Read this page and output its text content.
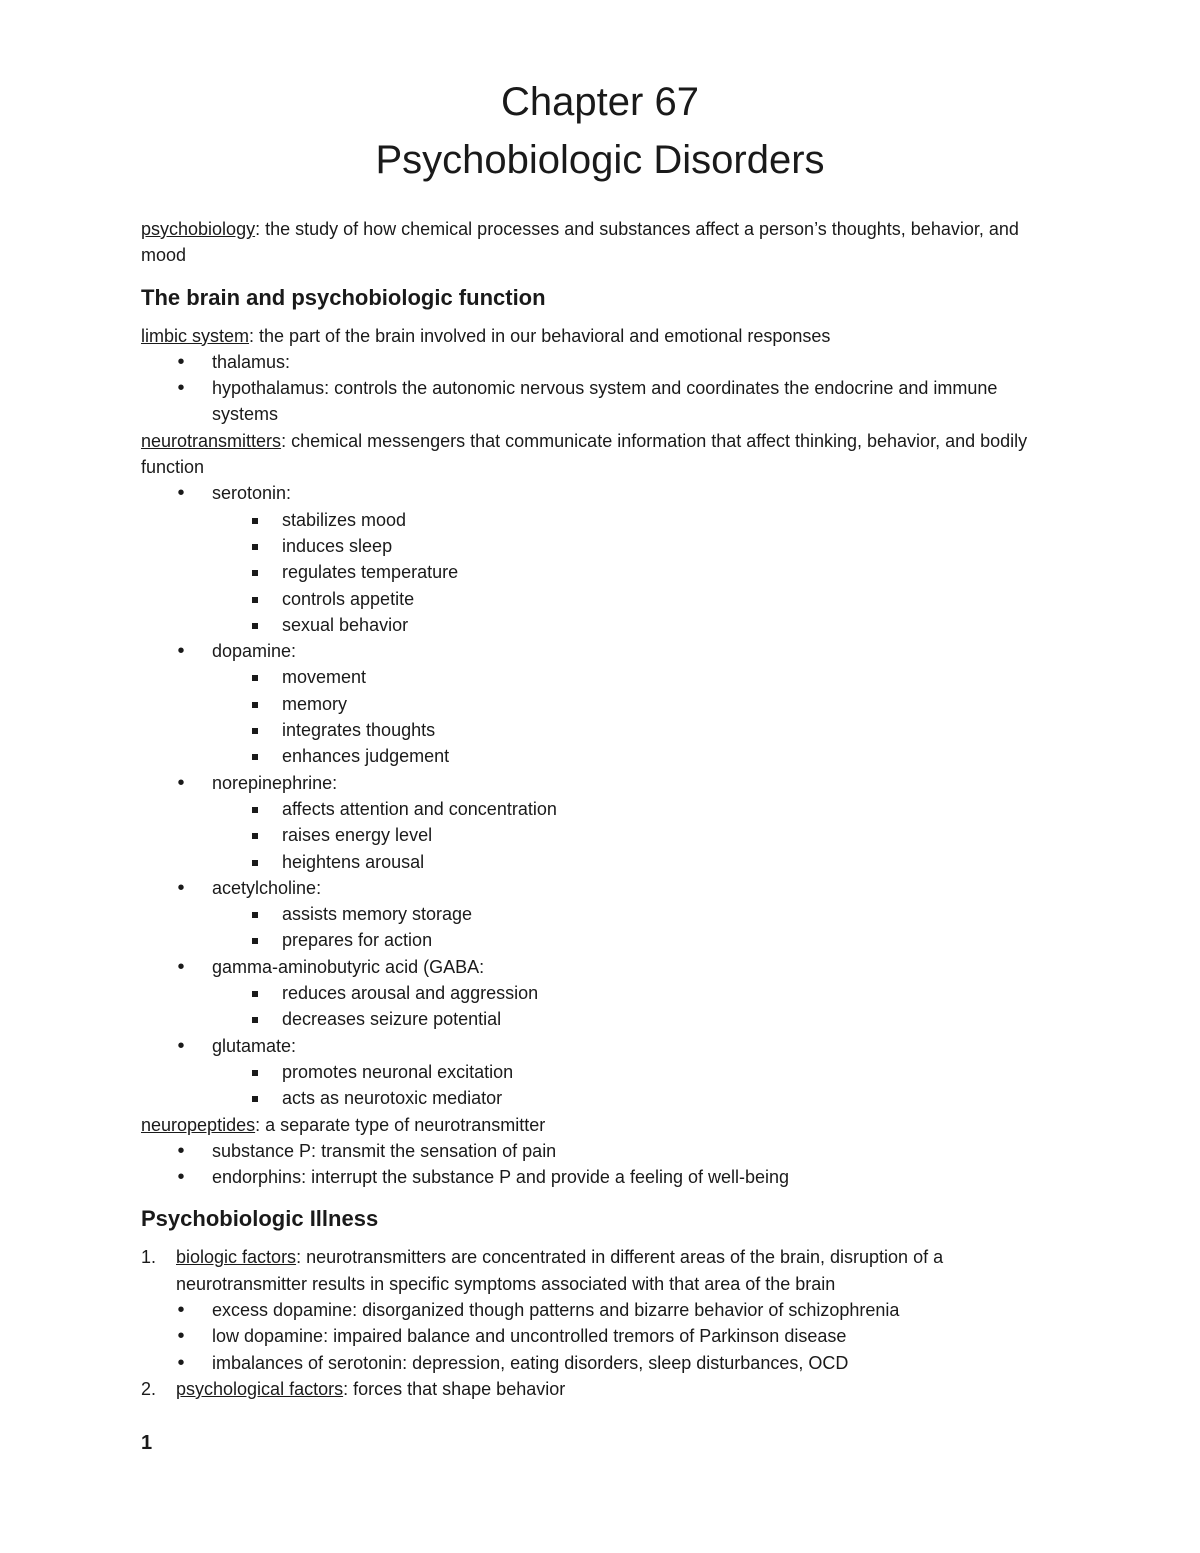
Chapter 67
Psychobiologic Disorders

psychobiology: the study of how chemical processes and substances affect a person’s thoughts, behavior, and mood

The brain and psychobiologic function

limbic system: the part of the brain involved in our behavioral and emotional responses

•
thalamus:
•
hypothalamus: controls the autonomic nervous system and coordinates the endocrine and immune systems

neurotransmitters: chemical messengers that communicate information that affect thinking, behavior, and bodily function

•
serotonin:
stabilizes mood
induces sleep
regulates temperature
controls appetite
sexual behavior
•
dopamine:
movement
memory
integrates thoughts
enhances judgement
•
norepinephrine:
affects attention and concentration
raises energy level
heightens arousal
•
acetylcholine:
assists memory storage
prepares for action
•
gamma-aminobutyric acid (GABA:
reduces arousal and aggression
decreases seizure potential
•
glutamate:
promotes neuronal excitation
acts as neurotoxic mediator

neuropeptides: a separate type of neurotransmitter

•
substance P: transmit the sensation of pain
•
endorphins: interrupt the substance P and provide a feeling of well-being
Psychobiologic Illness
1. biologic factors: neurotransmitters are concentrated in different areas of the brain, disruption of a neurotransmitter results in specific symptoms associated with that area of the brain
•
excess dopamine: disorganized though patterns and bizarre behavior of schizophrenia
•
low dopamine: impaired balance and uncontrolled tremors of Parkinson disease
•
imbalances of serotonin: depression, eating disorders, sleep disturbances, OCD
2. psychological factors: forces that shape behavior
1
